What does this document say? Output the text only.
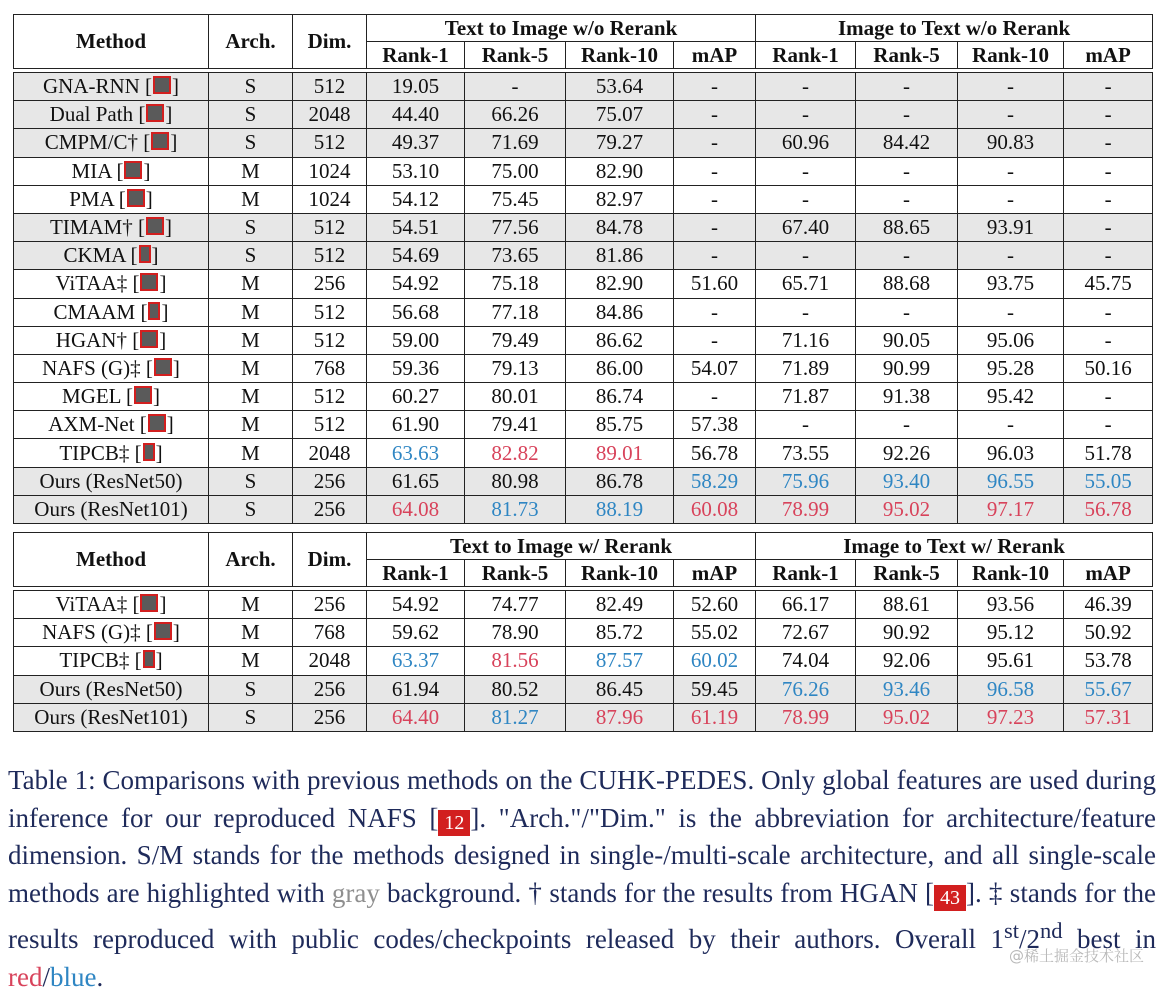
Method	Arch.	Dim.	Text to Image w/o Rerank				Image to Text w/o Rerank			
			Rank-1	Rank-5	Rank-10	mAP	Rank-1	Rank-5	Rank-10	mAP

GNA-RNN [ ]	S	512	19.05	-	53.64	-	-	-	-	-
Dual Path [ ]	S	2048	44.40	66.26	75.07	-	-	-	-	-
CMPM/C† [ ]	S	512	49.37	71.69	79.27	-	60.96	84.42	90.83	-
MIA [ ]	M	1024	53.10	75.00	82.90	-	-	-	-	-
PMA [ ]	M	1024	54.12	75.45	82.97	-	-	-	-	-
TIMAM† [ ]	S	512	54.51	77.56	84.78	-	67.40	88.65	93.91	-
CKMA [ ]	S	512	54.69	73.65	81.86	-	-	-	-	-
ViTAA‡ [ ]	M	256	54.92	75.18	82.90	51.60	65.71	88.68	93.75	45.75
CMAAM [ ]	M	512	56.68	77.18	84.86	-	-	-	-	-
HGAN† [ ]	M	512	59.00	79.49	86.62	-	71.16	90.05	95.06	-
NAFS (G)‡ [ ]	M	768	59.36	79.13	86.00	54.07	71.89	90.99	95.28	50.16
MGEL [ ]	M	512	60.27	80.01	86.74	-	71.87	91.38	95.42	-
AXM-Net [ ]	M	512	61.90	79.41	85.75	57.38	-	-	-	-
TIPCB‡ [ ]	M	2048	63.63	82.82	89.01	56.78	73.55	92.26	96.03	51.78
Ours (ResNet50)	S	256	61.65	80.98	86.78	58.29	75.96	93.40	96.55	55.05
Ours (ResNet101)	S	256	64.08	81.73	88.19	60.08	78.99	95.02	97.17	56.78
Method	Arch.	Dim.	Text to Image w/ Rerank				Image to Text w/ Rerank			
			Rank-1	Rank-5	Rank-10	mAP	Rank-1	Rank-5	Rank-10	mAP

ViTAA‡ [ ]	M	256	54.92	74.77	82.49	52.60	66.17	88.61	93.56	46.39
NAFS (G)‡ [ ]	M	768	59.62	78.90	85.72	55.02	72.67	90.92	95.12	50.92
TIPCB‡ [ ]	M	2048	63.37	81.56	87.57	60.02	74.04	92.06	95.61	53.78
Ours (ResNet50)	S	256	61.94	80.52	86.45	59.45	76.26	93.46	96.58	55.67
Ours (ResNet101)	S	256	64.40	81.27	87.96	61.19	78.99	95.02	97.23	57.31
Table 1: Comparisons with previous methods on the CUHK-PEDES. Only global features are used during inference for our reproduced NAFS [ 12 ]. "Arch."/"Dim." is the abbreviation for architecture/feature dimension. S/M stands for the methods designed in single-/multi-scale architecture, and all single-scale methods are highlighted with gray background. † stands for the results from HGAN [ 43 ]. ‡ stands for the results reproduced with public codes/checkpoints released by their authors. Overall 1st/2nd best in red/blue.
@稀土掘金技术社区
